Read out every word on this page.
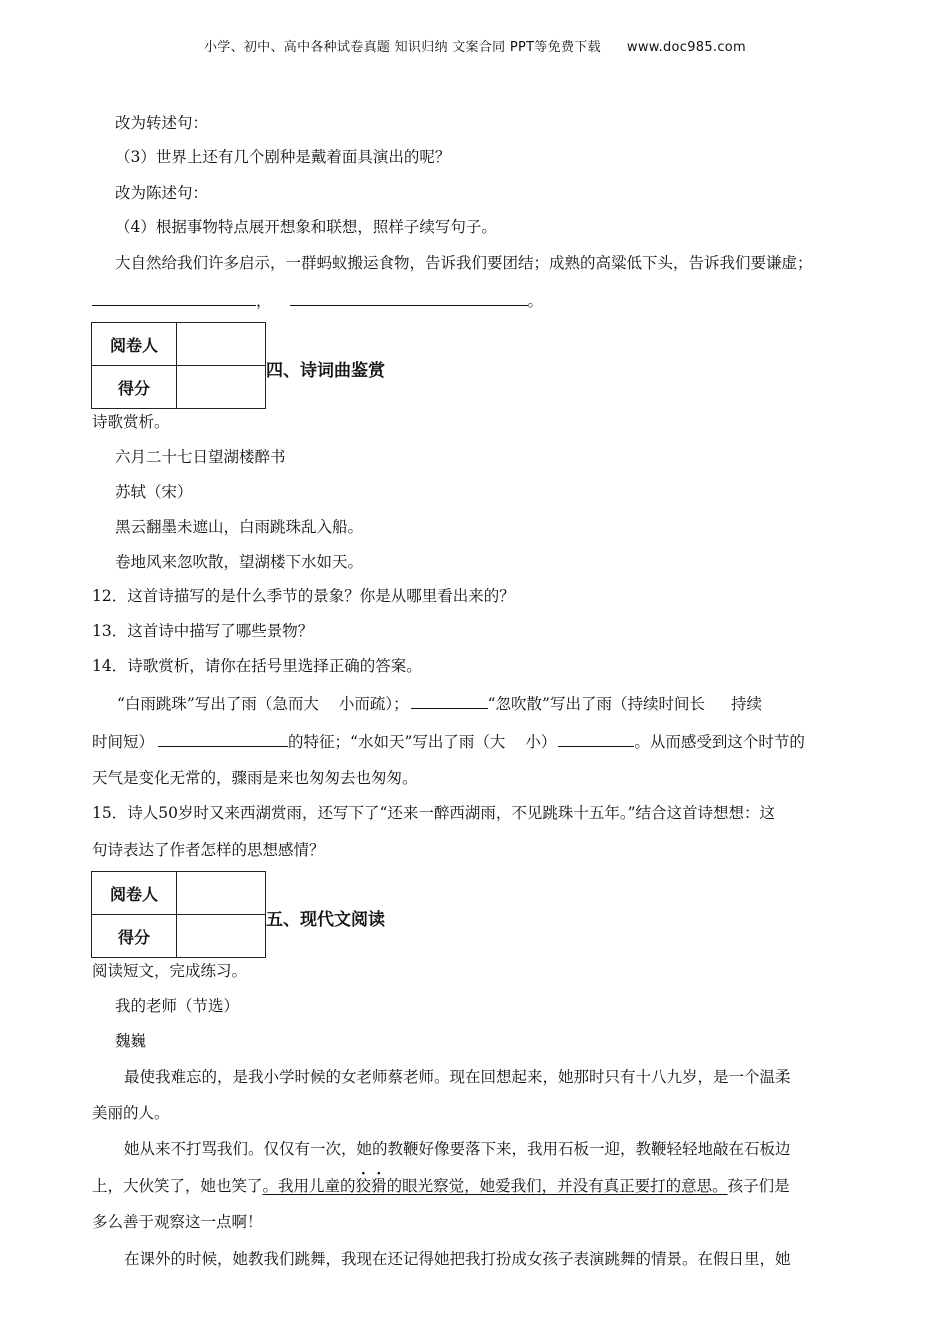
小学、初中、高中各种试卷真题 知识归纳 文案合同 PPT等免费下载 www.doc985.com
改为转述句：
（3）世界上还有几个剧种是戴着面具演出的呢？
改为陈述句：
（4）根据事物特点展开想象和联想，照样子续写句子。
大自然给我们许多启示，一群蚂蚁搬运食物，告诉我们要团结；成熟的高粱低下头，告诉我们要谦虚；
，	。
阅卷人	
得分	
四、诗词曲鉴赏
诗歌赏析。
六月二十七日望湖楼醉书
苏轼（宋）
黑云翻墨未遮山，白雨跳珠乱入船。
卷地风来忽吹散，望湖楼下水如天。
12．这首诗描写的是什么季节的景象？你是从哪里看出来的？
13．这首诗中描写了哪些景物？
14．诗歌赏析，请你在括号里选择正确的答案。
“白雨跳珠”写出了雨（急而大 小而疏）；	“忽吹散”写出了雨（持续时间长 持续
时间短）	的特征；“水如天”写出了雨（大 小）	。从而感受到这个时节的
天气是变化无常的，骤雨是来也匆匆去也匆匆。
15．诗人50岁时又来西湖赏雨，还写下了“还来一醉西湖雨，不见跳珠十五年。”结合这首诗想想：这
句诗表达了作者怎样的思想感情？
阅卷人	
得分	
五、现代文阅读
阅读短文，完成练习。
我的老师（节选）
魏巍
最使我难忘的，是我小学时候的女老师蔡老师。现在回想起来，她那时只有十八九岁，是一个温柔
美丽的人。
她从来不打骂我们。仅仅有一次，她的教鞭好像要落下来，我用石板一迎，教鞭轻轻地敲在石板边
上，大伙笑了，她也笑了。我用儿童的狡猾的眼光察觉，她爱我们，并没有真正要打的意思。孩子们是
多么善于观察这一点啊！
在课外的时候，她教我们跳舞，我现在还记得她把我打扮成女孩子表演跳舞的情景。在假日里，她
